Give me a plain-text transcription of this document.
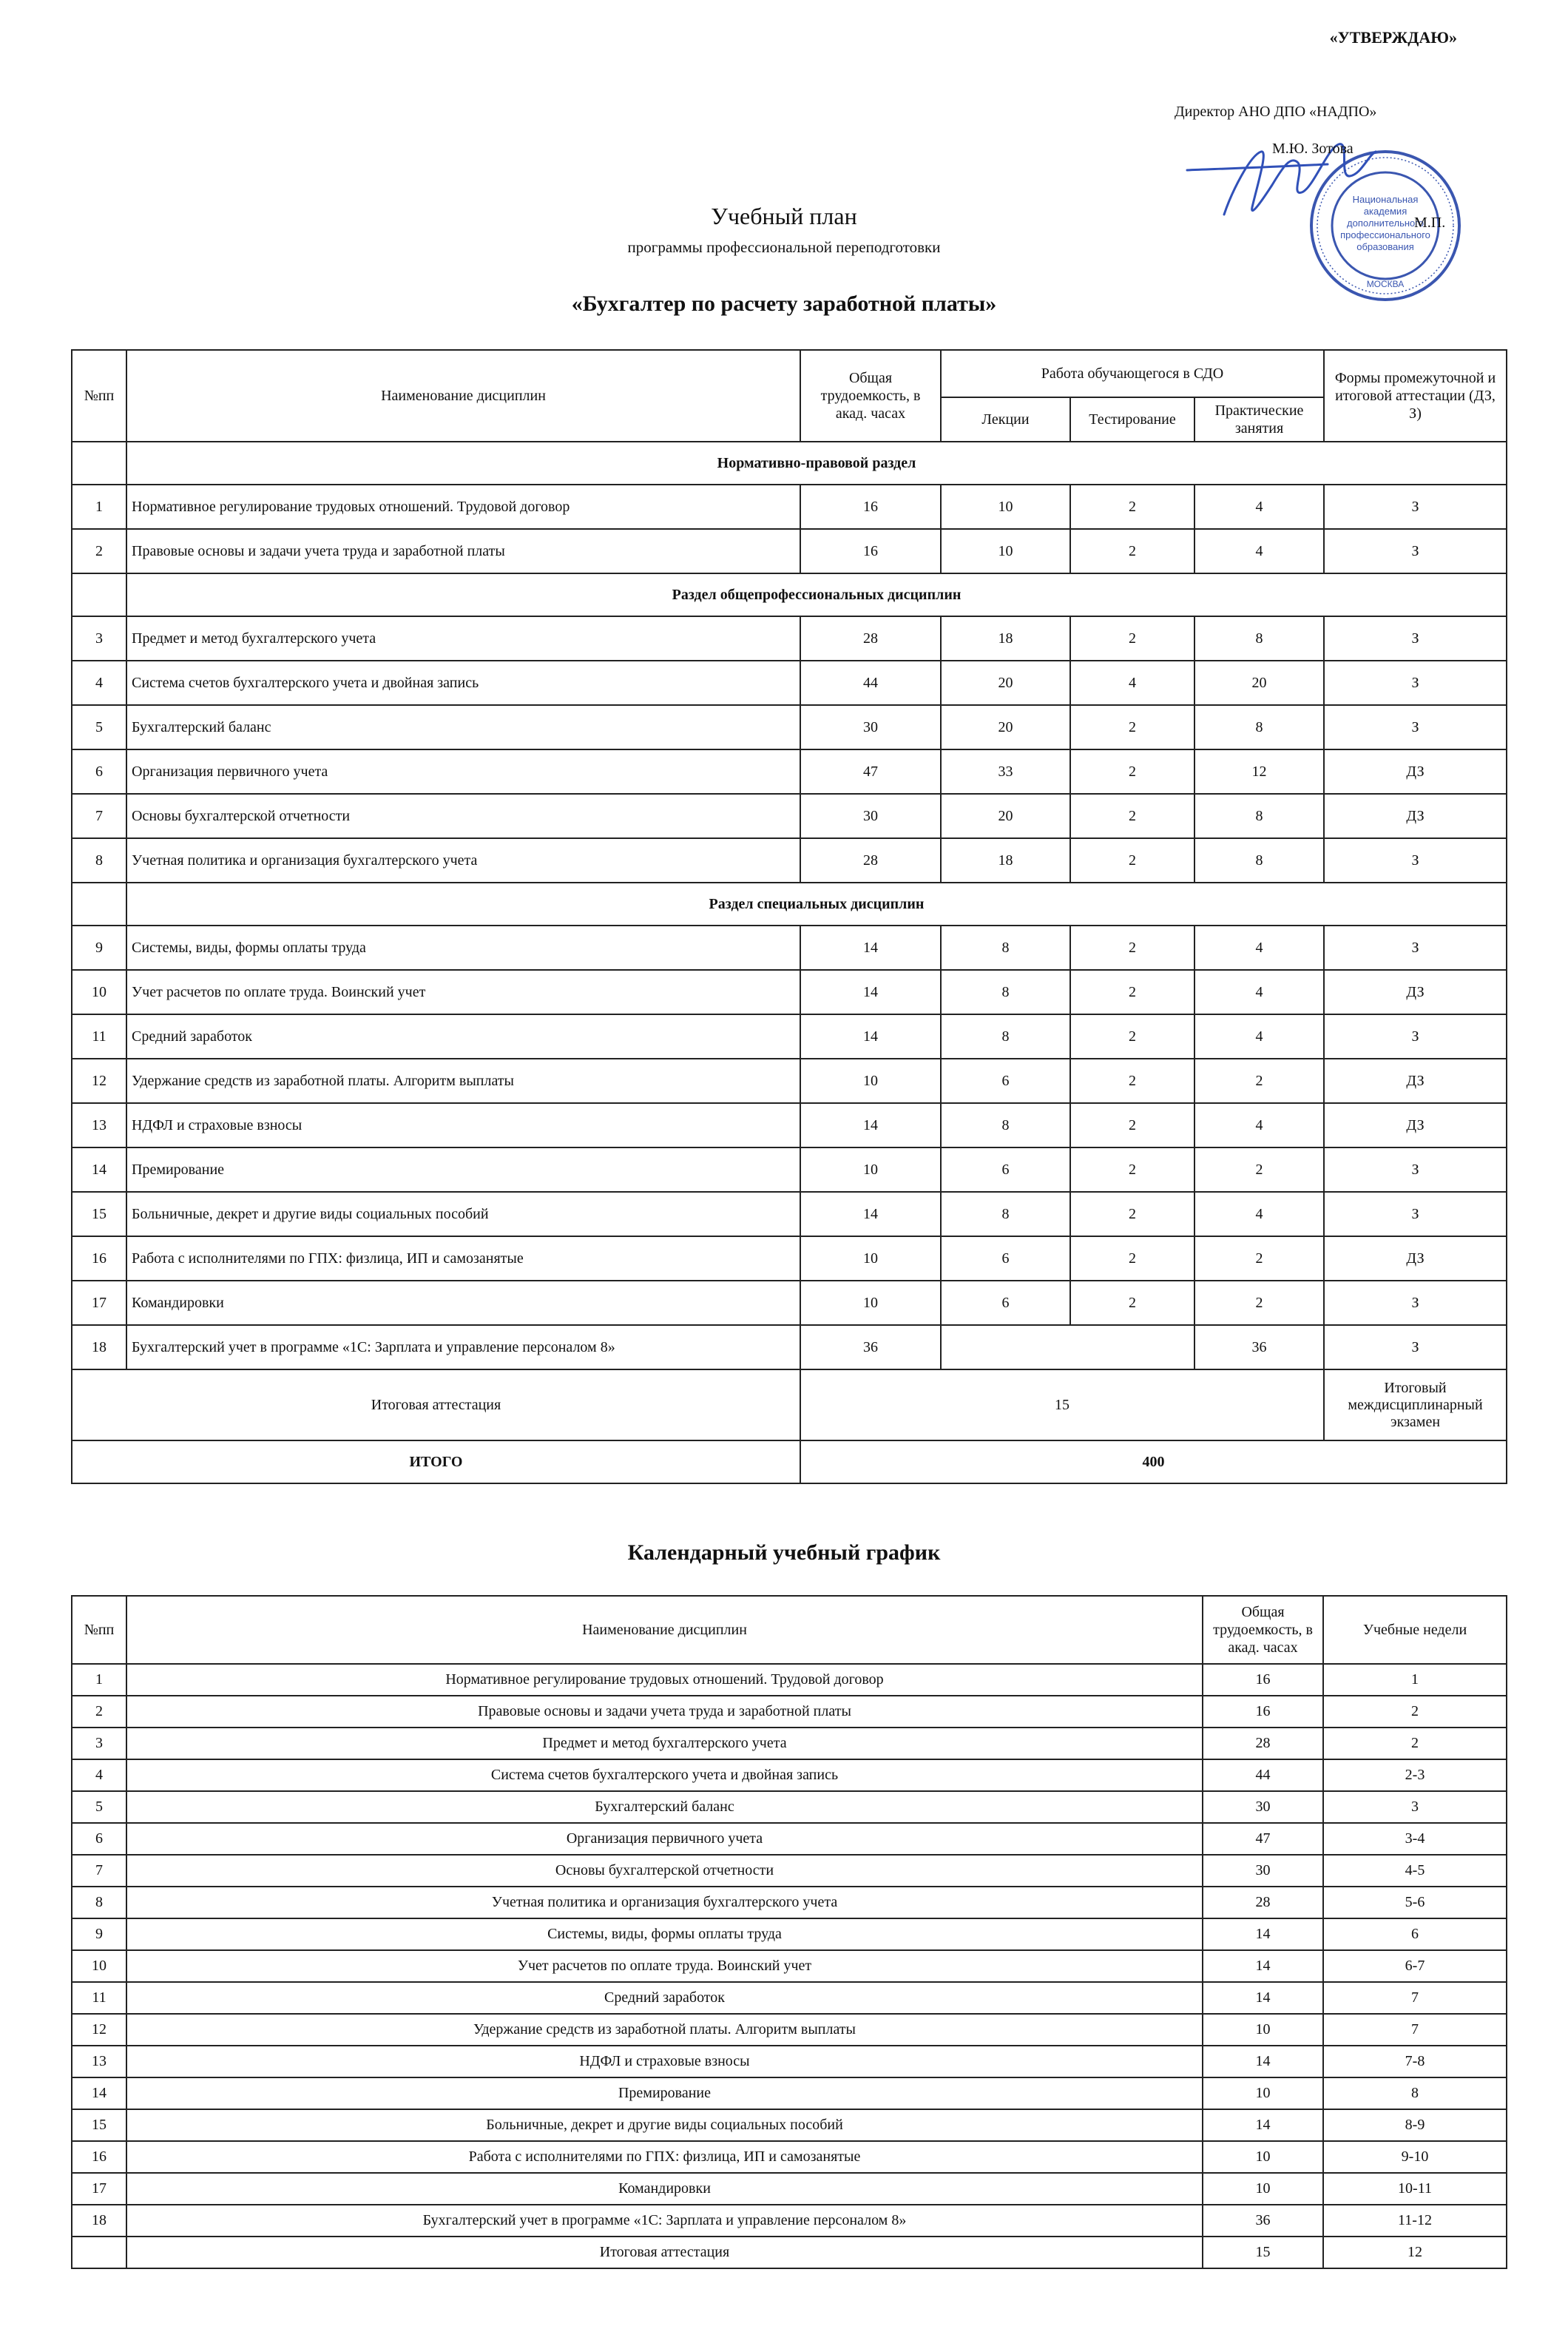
«УТВЕРЖДАЮ»
Директор АНО ДПО «НАДПО»
Национальная
академия
дополнительного
профессионального
образования
МОСКВА
М.Ю. Зотова
М.П.
Учебный план
программы профессиональной переподготовки
«Бухгалтер по расчету заработной платы»
№пп	Наименование дисциплин	Общая трудоемкость, в акад. часах	Работа обучающегося в СДО			Формы промежуточной и итоговой аттестации (ДЗ, З)
			Лекции	Тестирование	Практические занятия	
	Нормативно-правовой раздел					
1	Нормативное регулирование трудовых отношений. Трудовой договор	16	10	2	4	З
2	Правовые основы и задачи учета труда и заработной платы	16	10	2	4	З
	Раздел общепрофессиональных дисциплин					
3	Предмет и метод бухгалтерского учета	28	18	2	8	З
4	Система счетов бухгалтерского учета и двойная запись	44	20	4	20	З
5	Бухгалтерский баланс	30	20	2	8	З
6	Организация первичного учета	47	33	2	12	ДЗ
7	Основы бухгалтерской отчетности	30	20	2	8	ДЗ
8	Учетная политика и организация бухгалтерского учета	28	18	2	8	З
	Раздел специальных дисциплин					
9	Системы, виды, формы оплаты труда	14	8	2	4	З
10	Учет расчетов по оплате труда. Воинский учет	14	8	2	4	ДЗ
11	Средний заработок	14	8	2	4	З
12	Удержание средств из заработной платы. Алгоритм выплаты	10	6	2	2	ДЗ
13	НДФЛ и страховые взносы	14	8	2	4	ДЗ
14	Премирование	10	6	2	2	З
15	Больничные, декрет и другие виды социальных пособий	14	8	2	4	З
16	Работа с исполнителями по ГПХ: физлица, ИП и самозанятые	10	6	2	2	ДЗ
17	Командировки	10	6	2	2	З
18	Бухгалтерский учет в программе «1С: Зарплата и управление персоналом 8»	36			36	З
Итоговая аттестация		15				Итоговый междисциплинарный экзамен
ИТОГО		400				
Календарный учебный график
№пп	Наименование дисциплин	Общая трудоемкость, в акад. часах	Учебные недели
1	Нормативное регулирование трудовых отношений. Трудовой договор	16	1
2	Правовые основы и задачи учета труда и заработной платы	16	2
3	Предмет и метод бухгалтерского учета	28	2
4	Система счетов бухгалтерского учета и двойная запись	44	2-3
5	Бухгалтерский баланс	30	3
6	Организация первичного учета	47	3-4
7	Основы бухгалтерской отчетности	30	4-5
8	Учетная политика и организация бухгалтерского учета	28	5-6
9	Системы, виды, формы оплаты труда	14	6
10	Учет расчетов по оплате труда. Воинский учет	14	6-7
11	Средний заработок	14	7
12	Удержание средств из заработной платы. Алгоритм выплаты	10	7
13	НДФЛ и страховые взносы	14	7-8
14	Премирование	10	8
15	Больничные, декрет и другие виды социальных пособий	14	8-9
16	Работа с исполнителями по ГПХ: физлица, ИП и самозанятые	10	9-10
17	Командировки	10	10-11
18	Бухгалтерский учет в программе «1С: Зарплата и управление персоналом 8»	36	11-12
	Итоговая аттестация	15	12
